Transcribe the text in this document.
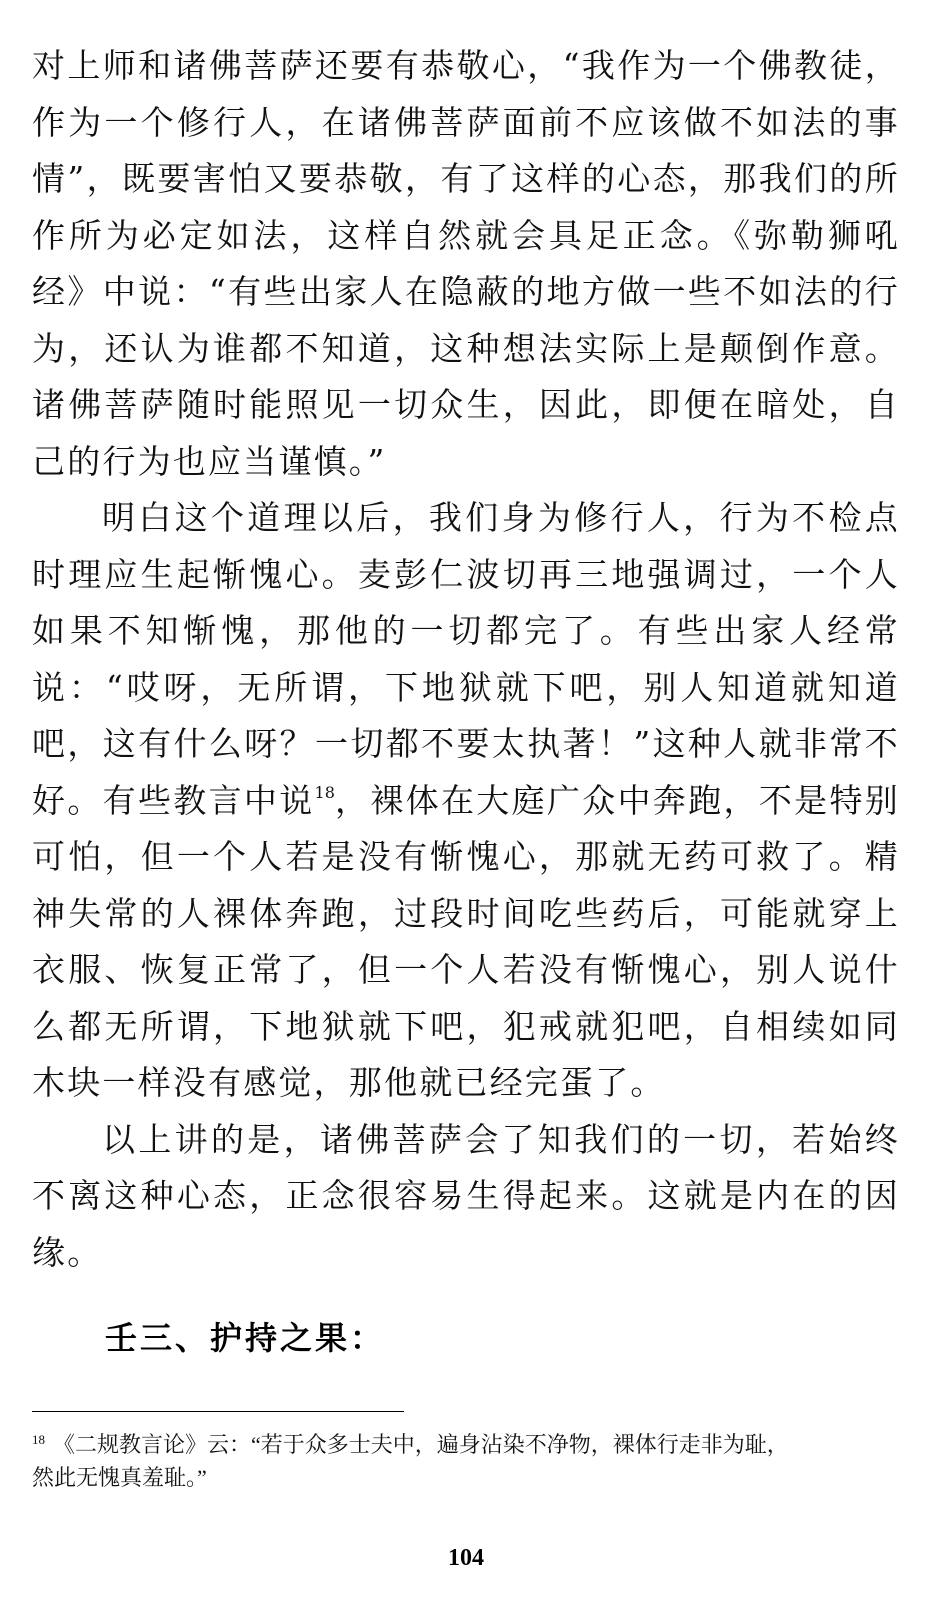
对上师和诸佛菩萨还要有恭敬心，“我作为一个佛教徒，作为一个修行人，在诸佛菩萨面前不应该做不如法的事情”，既要害怕又要恭敬，有了这样的心态，那我们的所作所为必定如法，这样自然就会具足正念。《弥勒狮吼经》中说：“有些出家人在隐蔽的地方做一些不如法的行为，还认为谁都不知道，这种想法实际上是颠倒作意。诸佛菩萨随时能照见一切众生，因此，即便在暗处，自己的行为也应当谨慎。”

明白这个道理以后，我们身为修行人，行为不检点时理应生起惭愧心。麦彭仁波切再三地强调过，一个人如果不知惭愧，那他的一切都完了。有些出家人经常说：“哎呀，无所谓，下地狱就下吧，别人知道就知道吧，这有什么呀？一切都不要太执著！”这种人就非常不好。有些教言中说$^{18}$，裸体在大庭广众中奔跑，不是特别可怕，但一个人若是没有惭愧心，那就无药可救了。精神失常的人裸体奔跑，过段时间吃些药后，可能就穿上衣服、恢复正常了，但一个人若没有惭愧心，别人说什么都无所谓，下地狱就下吧，犯戒就犯吧，自相续如同木块一样没有感觉，那他就已经完蛋了。

以上讲的是，诸佛菩萨会了知我们的一切，若始终不离这种心态，正念很容易生得起来。这就是内在的因缘。

壬三、护持之果：

$^{18}$ 《二规教言论》云：“若于众多士夫中，遍身沾染不净物，裸体行走非为耻，

然此无愧真羞耻。”

104
